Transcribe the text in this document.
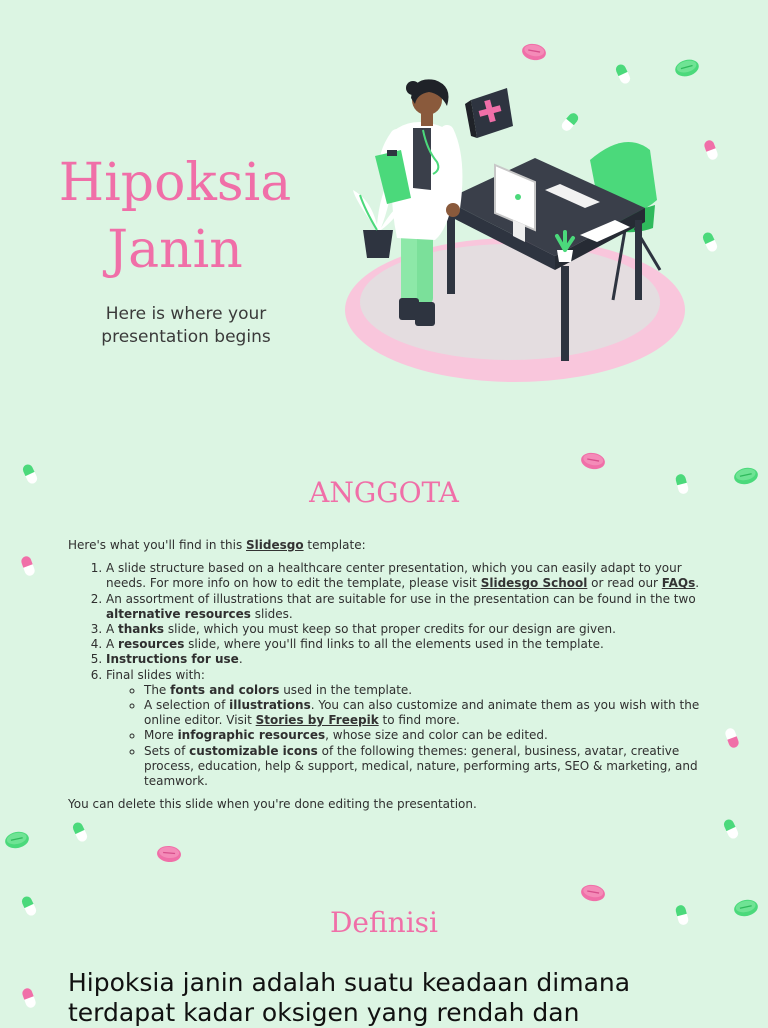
Hipoksia Janin
Here is where your presentation begins
ANGGOTA

Here's what you'll find in this Slidesgo template:

1. A slide structure based on a healthcare center presentation, which you can easily adapt to your needs. For more info on how to edit the template, please visit Slidesgo School or read our FAQs.
2. An assortment of illustrations that are suitable for use in the presentation can be found in the two alternative resources slides.
3. A thanks slide, which you must keep so that proper credits for our design are given.
4. A resources slide, where you'll find links to all the elements used in the template.
5. Instructions for use.
6. Final slides with:
◦ The fonts and colors used in the template.
◦ A selection of illustrations. You can also customize and animate them as you wish with the online editor. Visit Stories by Freepik to find more.
◦ More infographic resources, whose size and color can be edited.
◦ Sets of customizable icons of the following themes: general, business, avatar, creative process, education, help & support, medical, nature, performing arts, SEO & marketing, and teamwork.

You can delete this slide when you're done editing the presentation.

Definisi
Hipoksia janin adalah suatu keadaan dimana terdapat kadar oksigen yang rendah dan
